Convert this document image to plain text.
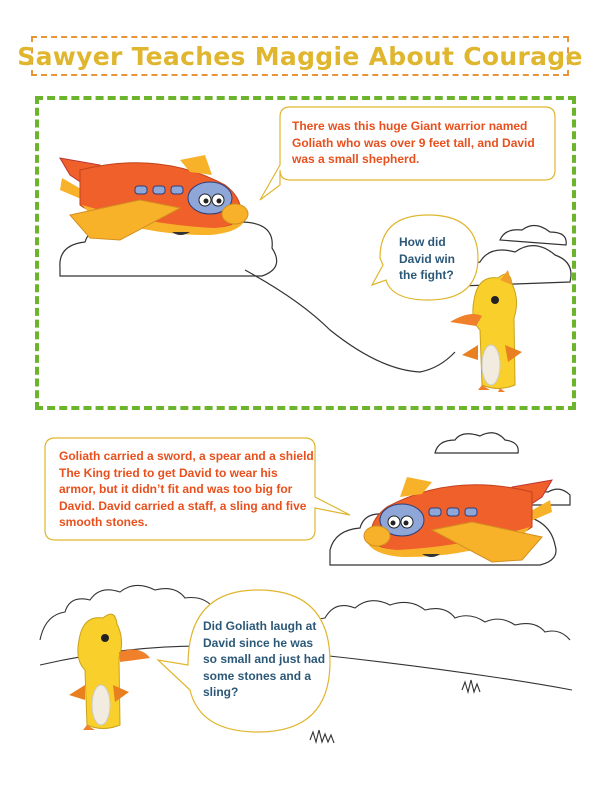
Sawyer Teaches Maggie About Courage

There was this huge Giant warrior named Goliath who was over 9 feet tall, and David was a small shepherd.

How did David win the fight?

Goliath carried a sword, a spear and a shield The King tried to get David to wear his armor, but it didn’t fit and was too big for David. David carried a staff, a sling and five smooth stones.

Did Goliath laugh at David since he was so small and just had some stones and a sling?
